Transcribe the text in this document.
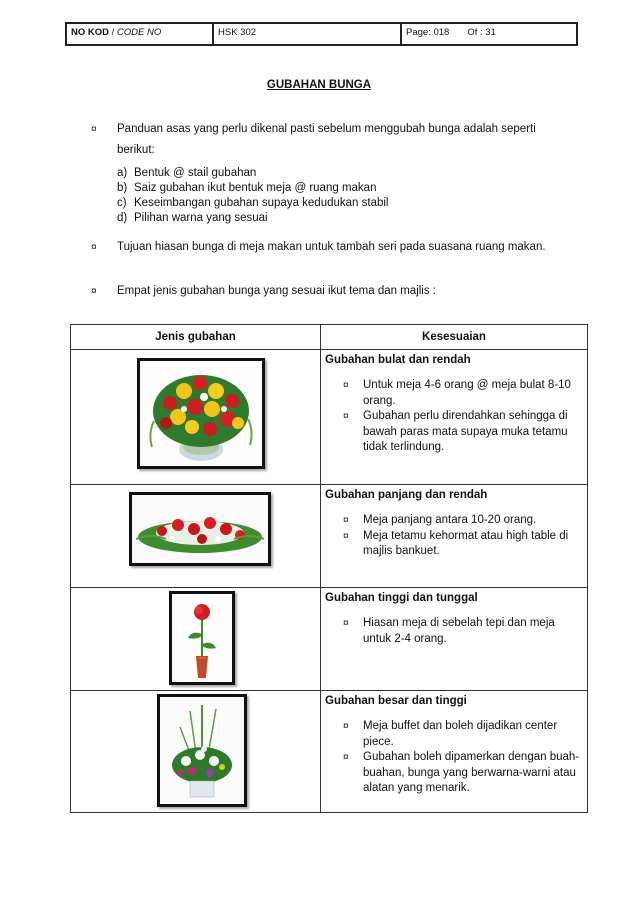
NO KOD / CODE NO	HSK 302	Page: 018 Of : 31
GUBAHAN BUNGA
¤ Panduan asas yang perlu dikenal pasti sebelum menggubah bunga adalah seperti berikut:
a) Bentuk @ stail gubahan
b) Saiz gubahan ikut bentuk meja @ ruang makan
c) Keseimbangan gubahan supaya kedudukan stabil
d) Pilihan warna yang sesuai
¤ Tujuan hiasan bunga di meja makan untuk tambah seri pada suasana ruang makan.
¤ Empat jenis gubahan bunga yang sesuai ikut tema dan majlis :
Jenis gubahan	Kesesuaian

Gubahan bulat dan rendah
¤ Untuk meja 4-6 orang @ meja bulat 8-10 orang.
¤ Gubahan perlu direndahkan sehingga di bawah paras mata supaya muka tetamu tidak terlindung.

Gubahan panjang dan rendah
¤ Meja panjang antara 10-20 orang.
¤ Meja tetamu kehormat atau high table di majlis bankuet.

Gubahan tinggi dan tunggal
¤ Hiasan meja di sebelah tepi dan meja untuk 2-4 orang.

Gubahan besar dan tinggi
¤ Meja buffet dan boleh dijadikan center piece.
¤ Gubahan boleh dipamerkan dengan buah-buahan, bunga yang berwarna-warni atau alatan yang menarik.
